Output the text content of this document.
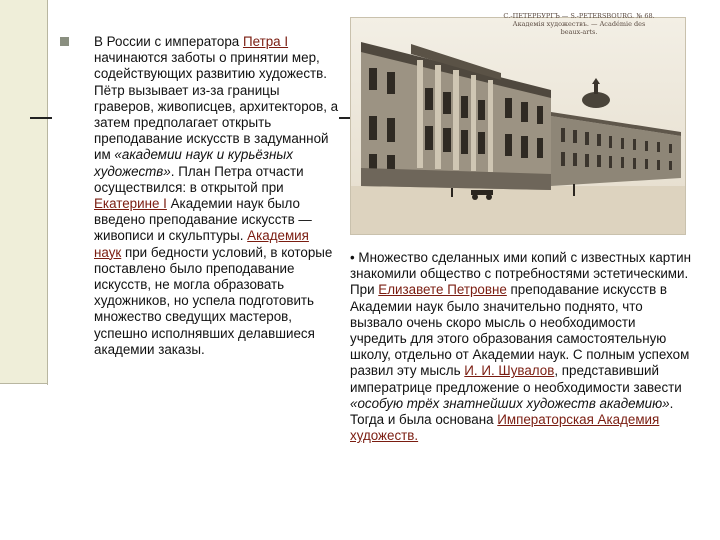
В России с императора Петра I начинаются заботы о принятии мер, содействующих развитию художеств. Пётр вызывает из-за границы граверов, живописцев, архитекторов, а затем предполагает открыть преподавание искусств в задуманной им «академии наук и курьёзных художеств». План Петра отчасти осуществился: в открытой при Екатерине I Академии наук было введено преподавание искусств — живописи и скульптуры. Академия наук при бедности условий, в которые поставлено было преподавание искусств, не могла образовать художников, но успела подготовить множество сведущих мастеров, успешно исполнявших делавшиеся академии заказы.

С.-ПЕТЕРБУРГЪ — S.-PETERSBOURG. № 68.
Академія художествъ. — Académie des beaux-arts.

• Множество сделанных ими копий с известных картин знакомили общество с потребностями эстетическими. При Елизавете Петровне преподавание искусств в Академии наук было значительно поднято, что вызвало очень скоро мысль о необходимости учредить для этого образования самостоятельную школу, отдельно от Академии наук. С полным успехом развил эту мысль И. И. Шувалов, представивший императрице предложение о необходимости завести «особую трёх знатнейших художеств академию». Тогда и была основана Императорская Академия художеств.
